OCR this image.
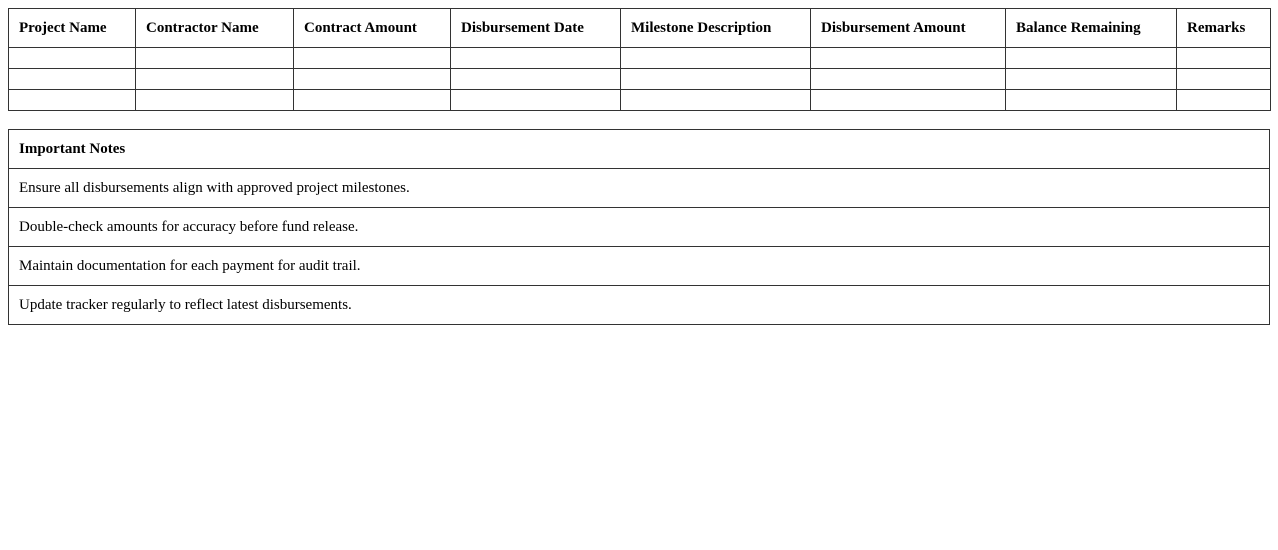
Project Name	Contractor Name	Contract Amount	Disbursement Date	Milestone Description	Disbursement Amount	Balance Remaining	Remarks

Important Notes
Ensure all disbursements align with approved project milestones.
Double-check amounts for accuracy before fund release.
Maintain documentation for each payment for audit trail.
Update tracker regularly to reflect latest disbursements.
